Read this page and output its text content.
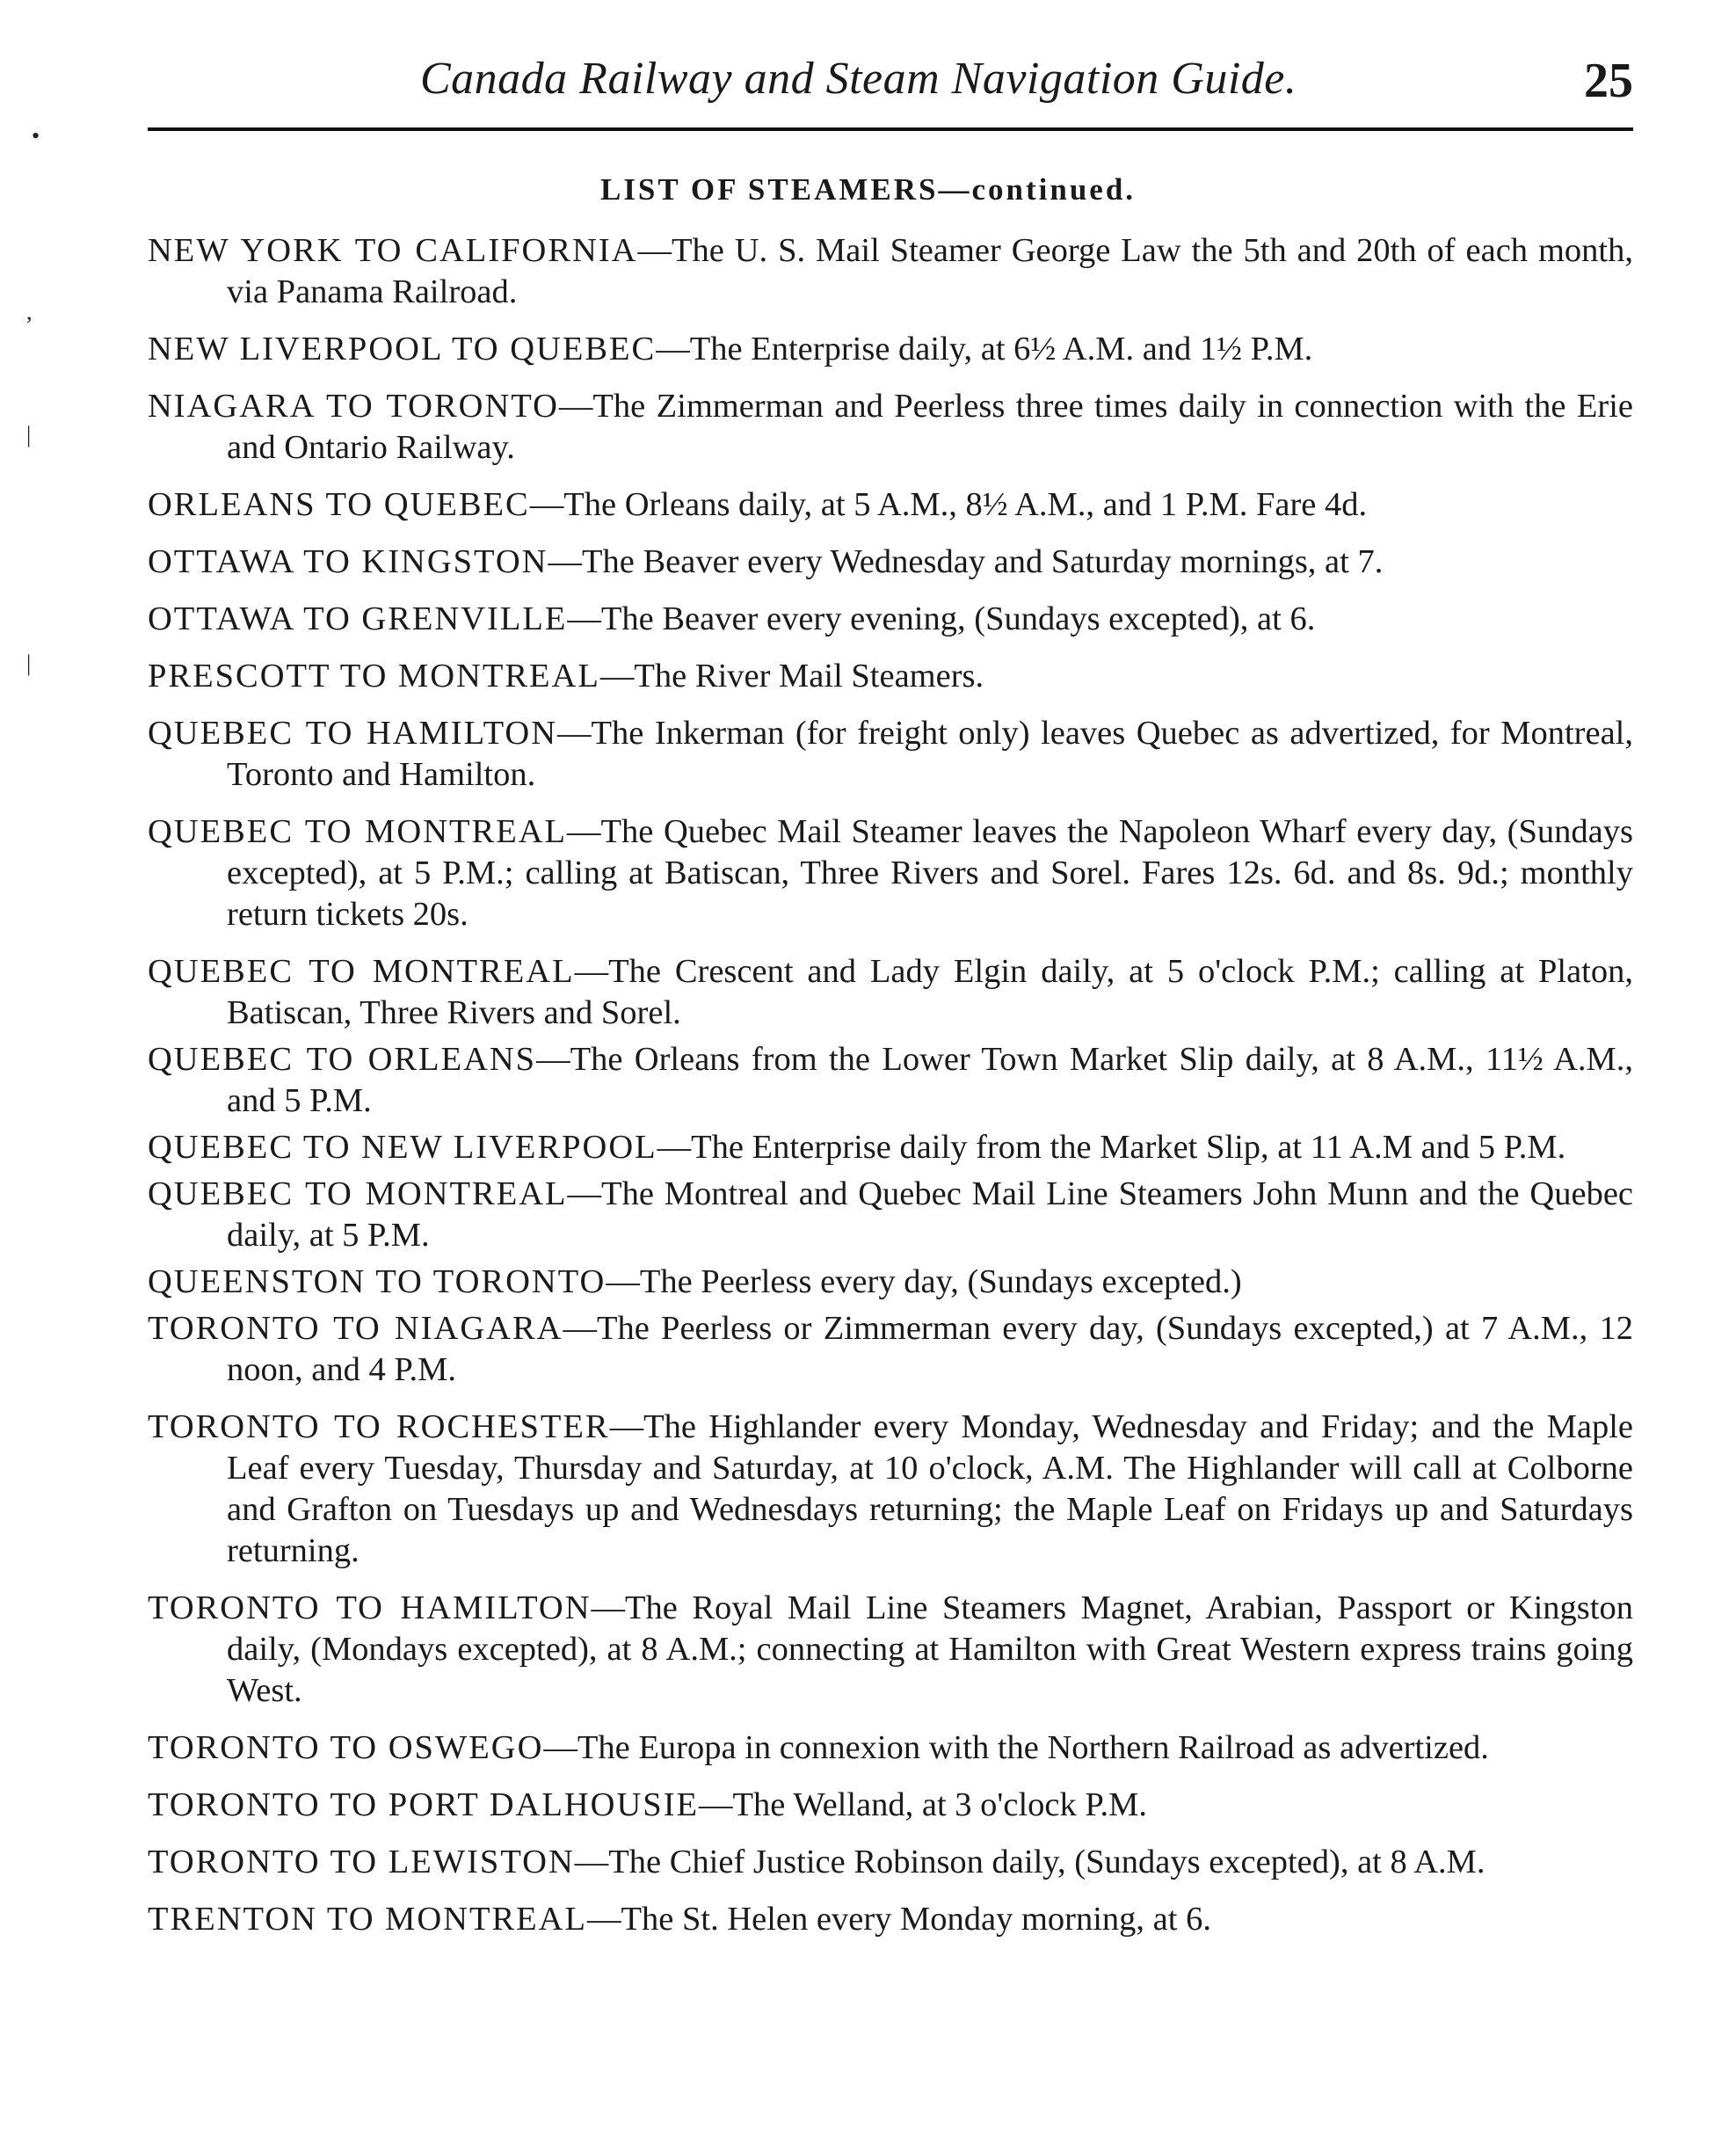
Canada Railway and Steam Navigation Guide.	25
LIST OF STEAMERS—continued.

NEW YORK TO CALIFORNIA—The U. S. Mail Steamer George Law the 5th and 20th of each month, via Panama Railroad.

NEW LIVERPOOL TO QUEBEC—The Enterprise daily, at 6½ A.M. and 1½ P.M.

NIAGARA TO TORONTO—The Zimmerman and Peerless three times daily in connection with the Erie and Ontario Railway.

ORLEANS TO QUEBEC—The Orleans daily, at 5 A.M., 8½ A.M., and 1 P.M. Fare 4d.

OTTAWA TO KINGSTON—The Beaver every Wednesday and Saturday mornings, at 7.

OTTAWA TO GRENVILLE—The Beaver every evening, (Sundays excepted), at 6.

PRESCOTT TO MONTREAL—The River Mail Steamers.

QUEBEC TO HAMILTON—The Inkerman (for freight only) leaves Quebec as advertized, for Montreal, Toronto and Hamilton.

QUEBEC TO MONTREAL—The Quebec Mail Steamer leaves the Napoleon Wharf every day, (Sundays excepted), at 5 P.M.; calling at Batiscan, Three Rivers and Sorel. Fares 12s. 6d. and 8s. 9d.; monthly return tickets 20s.

QUEBEC TO MONTREAL—The Crescent and Lady Elgin daily, at 5 o'clock P.M.; calling at Platon, Batiscan, Three Rivers and Sorel.

QUEBEC TO ORLEANS—The Orleans from the Lower Town Market Slip daily, at 8 A.M., 11½ A.M., and 5 P.M.

QUEBEC TO NEW LIVERPOOL—The Enterprise daily from the Market Slip, at 11 A.M and 5 P.M.

QUEBEC TO MONTREAL—The Montreal and Quebec Mail Line Steamers John Munn and the Quebec daily, at 5 P.M.

QUEENSTON TO TORONTO—The Peerless every day, (Sundays excepted.)

TORONTO TO NIAGARA—The Peerless or Zimmerman every day, (Sundays excepted,) at 7 A.M., 12 noon, and 4 P.M.

TORONTO TO ROCHESTER—The Highlander every Monday, Wednesday and Friday; and the Maple Leaf every Tuesday, Thursday and Saturday, at 10 o'clock, A.M. The Highlander will call at Colborne and Grafton on Tuesdays up and Wednesdays returning; the Maple Leaf on Fridays up and Saturdays returning.

TORONTO TO HAMILTON—The Royal Mail Line Steamers Magnet, Arabian, Passport or Kingston daily, (Mondays excepted), at 8 A.M.; connecting at Hamilton with Great Western express trains going West.

TORONTO TO OSWEGO—The Europa in connexion with the Northern Railroad as advertized.

TORONTO TO PORT DALHOUSIE—The Welland, at 3 o'clock P.M.

TORONTO TO LEWISTON—The Chief Justice Robinson daily, (Sundays excepted), at 8 A.M.

TRENTON TO MONTREAL—The St. Helen every Monday morning, at 6.

•
,
|
|
